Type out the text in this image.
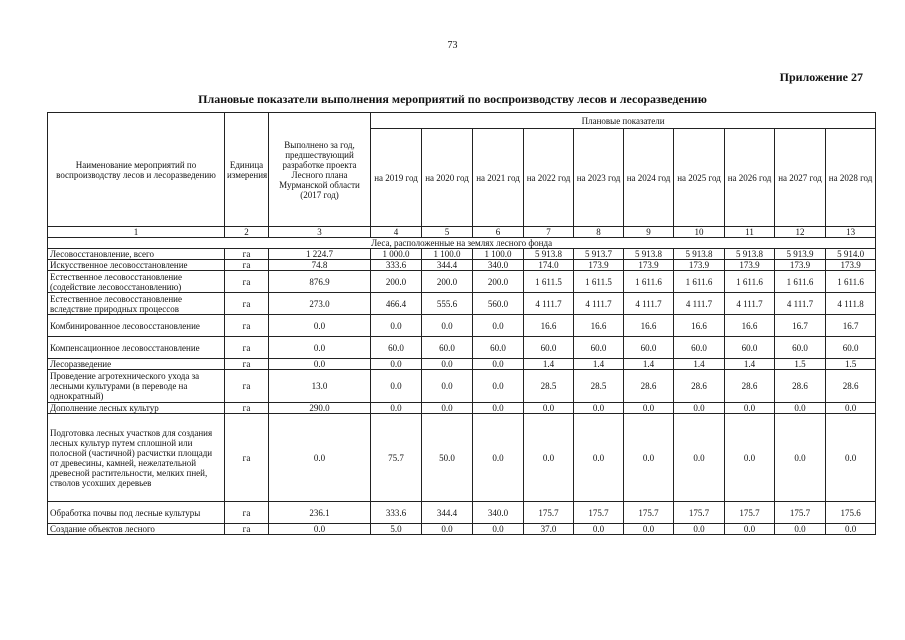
73
Приложение 27
Плановые показатели выполнения мероприятий по воспроизводству лесов и лесоразведению
Наименование мероприятий по воспроизводству лесов и лесоразведению	Единица измерения	Выполнено за год, предшествующий разработке проекта Лесного плана Мурманской области (2017 год)	Плановые показатели									
			на 2019 год	на 2020 год	на 2021 год	на 2022 год	на 2023 год	на 2024 год	на 2025 год	на 2026 год	на 2027 год	на 2028 год
1	2	3	4	5	6	7	8	9	10	11	12	13
Леса, расположенные на землях лесного фонда												
Лесовосстановление, всего	га	1 224.7	1 000.0	1 100.0	1 100.0	5 913.8	5 913.7	5 913.8	5 913.8	5 913.8	5 913.9	5 914.0
Искусственное лесовосстановление	га	74.8	333.6	344.4	340.0	174.0	173.9	173.9	173.9	173.9	173.9	173.9
Естественное лесовосстановление (содействие лесовосстановлению)	га	876.9	200.0	200.0	200.0	1 611.5	1 611.5	1 611.6	1 611.6	1 611.6	1 611.6	1 611.6
Естественное лесовосстановление вследствие природных процессов	га	273.0	466.4	555.6	560.0	4 111.7	4 111.7	4 111.7	4 111.7	4 111.7	4 111.7	4 111.8
Комбинированное лесовосстановление	га	0.0	0.0	0.0	0.0	16.6	16.6	16.6	16.6	16.6	16.7	16.7
Компенсационное лесовосстановление	га	0.0	60.0	60.0	60.0	60.0	60.0	60.0	60.0	60.0	60.0	60.0
Лесоразведение	га	0.0	0.0	0.0	0.0	1.4	1.4	1.4	1.4	1.4	1.5	1.5
Проведение агротехнического ухода за лесными культурами (в переводе на однократный)	га	13.0	0.0	0.0	0.0	28.5	28.5	28.6	28.6	28.6	28.6	28.6
Дополнение лесных культур	га	290.0	0.0	0.0	0.0	0.0	0.0	0.0	0.0	0.0	0.0	0.0
Подготовка лесных участков для создания лесных культур путем сплошной или полосной (частичной) расчистки площади от древесины, камней, нежелательной древесной растительности, мелких пней, стволов усохших деревьев	га	0.0	75.7	50.0	0.0	0.0	0.0	0.0	0.0	0.0	0.0	0.0
Обработка почвы под лесные культуры	га	236.1	333.6	344.4	340.0	175.7	175.7	175.7	175.7	175.7	175.7	175.6
Создание объектов лесного	га	0.0	5.0	0.0	0.0	37.0	0.0	0.0	0.0	0.0	0.0	0.0
